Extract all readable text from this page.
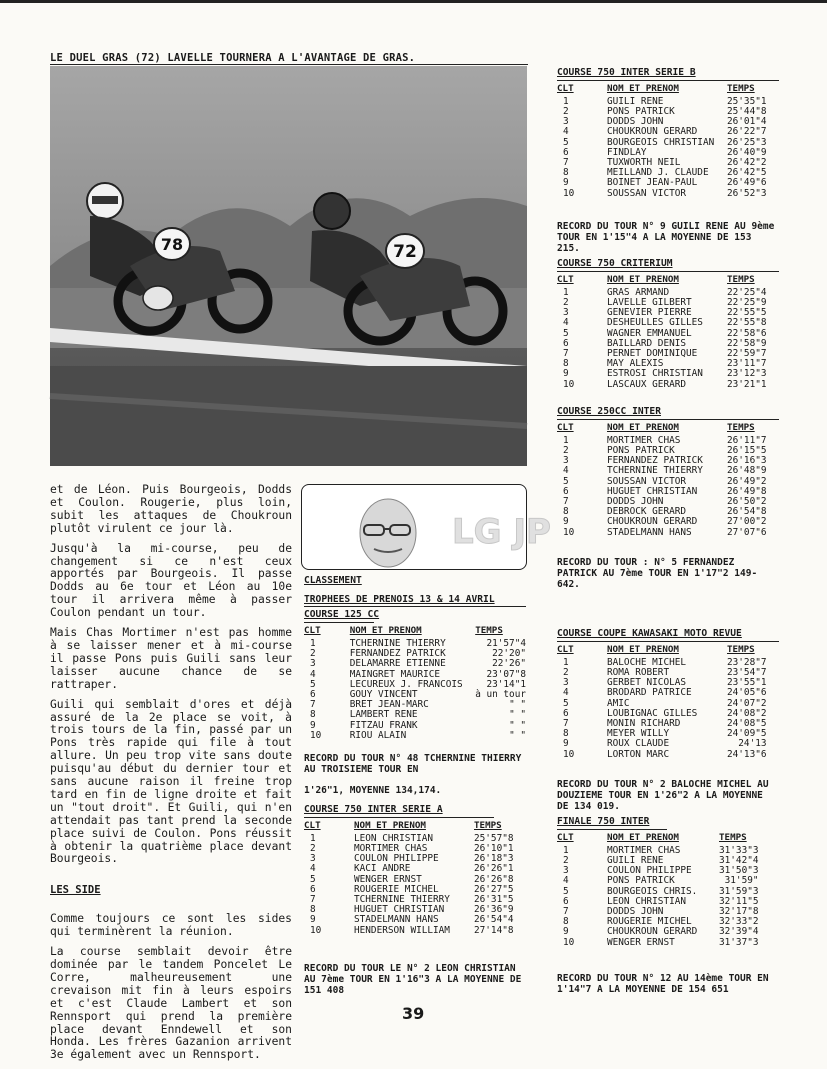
LE DUEL GRAS (72) LAVELLE TOURNERA A L'AVANTAGE DE GRAS.
78	72

et de Léon. Puis Bourgeois, Dodds et Coulon. Rougerie, plus loin, subit les attaques de Choukroun plutôt virulent ce jour là.

Jusqu'à la mi-course, peu de changement si ce n'est ceux apportés par Bourgeois. Il passe Dodds au 6e tour et Léon au 10e tour il arrivera même à passer Coulon pendant un tour.

Mais Chas Mortimer n'est pas homme à se laisser mener et à mi-course il passe Pons puis Guili sans leur laisser aucune chance de se rattraper.

Guili qui semblait d'ores et déjà assuré de la 2e place se voit, à trois tours de la fin, passé par un Pons très rapide qui file à tout allure. Un peu trop vite sans doute puisqu'au début du dernier tour et sans aucune raison il freine trop tard en fin de ligne droite et fait un "tout droit". Et Guili, qui n'en attendait pas tant prend la seconde place suivi de Coulon. Pons réussit à obtenir la quatrième place devant Bourgeois.

LES SIDE

Comme toujours ce sont les sides qui terminèrent la réunion.

La course semblait devoir être dominée par le tandem Poncelet Le Corre, malheureusement une crevaison mit fin à leurs espoirs et c'est Claude Lambert et son Rennsport qui prend la première place devant Enndewell et son Honda. Les frères Gazanion arrivent 3e également avec un Rennsport.

LG JP
CLASSEMENT
TROPHEES DE PRENOIS 13 & 14 AVRIL
COURSE 125 CC
CLT	NOM ET PRENOM	TEMPS
1	TCHERNINE THIERRY	21'57"4
2	FERNANDEZ PATRICK	22'20"
3	DELAMARRE ETIENNE	22'26"
4	MAINGRET MAURICE	23'07"8
5	LECUREUX J. FRANCOIS	23'14"1
6	GOUY VINCENT	à un tour
7	BRET JEAN-MARC	" "
8	LAMBERT RENE	" "
9	FITZAU FRANK	" "
10	RIOU ALAIN	" "
RECORD DU TOUR N° 48 TCHERNINE THIERRY AU TROISIEME TOUR EN
1'26"1, MOYENNE 134,174.
COURSE 750 INTER SERIE A
CLT	NOM ET PRENOM	TEMPS
1	LEON CHRISTIAN	25'57"8
2	MORTIMER CHAS	26'10"1
3	COULON PHILIPPE	26'18"3
4	KACI ANDRE	26'26"1
5	WENGER ERNST	26'26"8
6	ROUGERIE MICHEL	26'27"5
7	TCHERNINE THIERRY	26'31"5
8	HUGUET CHRISTIAN	26'36"9
9	STADELMANN HANS	26'54"4
10	HENDERSON WILLIAM	27'14"8
RECORD DU TOUR LE N° 2 LEON CHRISTIAN AU 7ème TOUR EN 1'16"3 A LA MOYENNE DE 151 408
COURSE 750 INTER SERIE B
CLT	NOM ET PRENOM	TEMPS
1	GUILI RENE	25'35"1
2	PONS PATRICK	25'44"8
3	DODDS JOHN	26'01"4
4	CHOUKROUN GERARD	26'22"7
5	BOURGEOIS CHRISTIAN	26'25"3
6	FINDLAY	26'40"9
7	TUXWORTH NEIL	26'42"2
8	MEILLAND J. CLAUDE	26'42"5
9	BOINET JEAN-PAUL	26'49"6
10	SOUSSAN VICTOR	26'52"3
RECORD DU TOUR N° 9 GUILI RENE AU 9ème TOUR EN 1'15"4 A LA MOYENNE DE 153 215.
COURSE 750 CRITERIUM
CLT	NOM ET PRENOM	TEMPS
1	GRAS ARMAND	22'25"4
2	LAVELLE GILBERT	22'25"9
3	GENEVIER PIERRE	22'55"5
4	DESHEULLES GILLES	22'55"8
5	WAGNER EMMANUEL	22'58"6
6	BAILLARD DENIS	22'58"9
7	PERNET DOMINIQUE	22'59"7
8	MAY ALEXIS	23'11"7
9	ESTROSI CHRISTIAN	23'12"3
10	LASCAUX GERARD	23'21"1
COURSE 250CC INTER
CLT	NOM ET PRENOM	TEMPS
1	MORTIMER CHAS	26'11"7
2	PONS PATRICK	26'15"5
3	FERNANDEZ PATRICK	26'16"3
4	TCHERNINE THIERRY	26'48"9
5	SOUSSAN VICTOR	26'49"2
6	HUGUET CHRISTIAN	26'49"8
7	DODDS JOHN	26'50"2
8	DEBROCK GERARD	26'54"8
9	CHOUKROUN GERARD	27'00"2
10	STADELMANN HANS	27'07"6
RECORD DU TOUR : N° 5 FERNANDEZ PATRICK AU 7ème TOUR EN 1'17"2 149-642.
COURSE COUPE KAWASAKI MOTO REVUE
CLT	NOM ET PRENOM	TEMPS
1	BALOCHE MICHEL	23'28"7
2	ROMA ROBERT	23'54"7
3	GERBET NICOLAS	23'55"1
4	BRODARD PATRICE	24'05"6
5	AMIC	24'07"2
6	LOUBIGNAC GILLES	24'08"2
7	MONIN RICHARD	24'08"5
8	MEYER WILLY	24'09"5
9	ROUX CLAUDE	24'13
10	LORTON MARC	24'13"6
RECORD DU TOUR N° 2 BALOCHE MICHEL AU DOUZIEME TOUR EN 1'26"2 A LA MOYENNE DE 134 019.
FINALE 750 INTER
CLT	NOM ET PRENOM	TEMPS
1	MORTIMER CHAS	31'33"3
2	GUILI RENE	31'42"4
3	COULON PHILIPPE	31'50"3
4	PONS PATRICK	31'59"
5	BOURGEOIS CHRIS.	31'59"3
6	LEON CHRISTIAN	32'11"5
7	DODDS JOHN	32'17"8
8	ROUGERIE MICHEL	32'33"2
9	CHOUKROUN GERARD	32'39"4
10	WENGER ERNST	31'37"3
RECORD DU TOUR N° 12 AU 14ème TOUR EN 1'14"7 A LA MOYENNE DE 154 651
39
